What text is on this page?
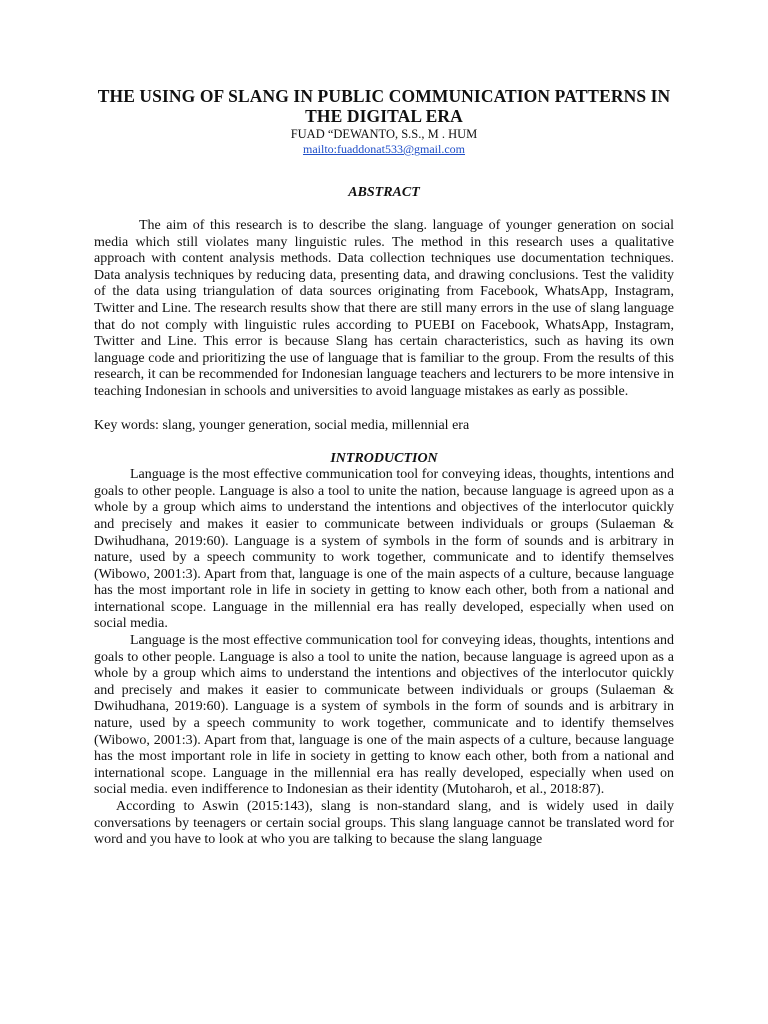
THE USING OF SLANG IN PUBLIC COMMUNICATION PATTERNS IN THE DIGITAL ERA

FUAD “DEWANTO, S.S., M . HUM

mailto:fuaddonat533@gmail.com

ABSTRACT

The aim of this research is to describe the slang. language of younger generation on social media which still violates many linguistic rules. The method in this research uses a qualitative approach with content analysis methods. Data collection techniques use documentation techniques. Data analysis techniques by reducing data, presenting data, and drawing conclusions. Test the validity of the data using triangulation of data sources originating from Facebook, WhatsApp, Instagram, Twitter and Line. The research results show that there are still many errors in the use of slang language that do not comply with linguistic rules according to PUEBI on Facebook, WhatsApp, Instagram, Twitter and Line. This error is because Slang has certain characteristics, such as having its own language code and prioritizing the use of language that is familiar to the group. From the results of this research, it can be recommended for Indonesian language teachers and lecturers to be more intensive in teaching Indonesian in schools and universities to avoid language mistakes as early as possible.

Key words: slang, younger generation, social media, millennial era

INTRODUCTION

Language is the most effective communication tool for conveying ideas, thoughts, intentions and goals to other people. Language is also a tool to unite the nation, because language is agreed upon as a whole by a group which aims to understand the intentions and objectives of the interlocutor quickly and precisely and makes it easier to communicate between individuals or groups (Sulaeman & Dwihudhana, 2019:60). Language is a system of symbols in the form of sounds and is arbitrary in nature, used by a speech community to work together, communicate and to identify themselves (Wibowo, 2001:3). Apart from that, language is one of the main aspects of a culture, because language has the most important role in life in society in getting to know each other, both from a national and international scope. Language in the millennial era has really developed, especially when used on social media.

Language is the most effective communication tool for conveying ideas, thoughts, intentions and goals to other people. Language is also a tool to unite the nation, because language is agreed upon as a whole by a group which aims to understand the intentions and objectives of the interlocutor quickly and precisely and makes it easier to communicate between individuals or groups (Sulaeman & Dwihudhana, 2019:60). Language is a system of symbols in the form of sounds and is arbitrary in nature, used by a speech community to work together, communicate and to identify themselves (Wibowo, 2001:3). Apart from that, language is one of the main aspects of a culture, because language has the most important role in life in society in getting to know each other, both from a national and international scope. Language in the millennial era has really developed, especially when used on social media. even indifference to Indonesian as their identity (Mutoharoh, et al., 2018:87).

According to Aswin (2015:143), slang is non-standard slang, and is widely used in daily conversations by teenagers or certain social groups. This slang language cannot be translated word for word and you have to look at who you are talking to because the slang language
